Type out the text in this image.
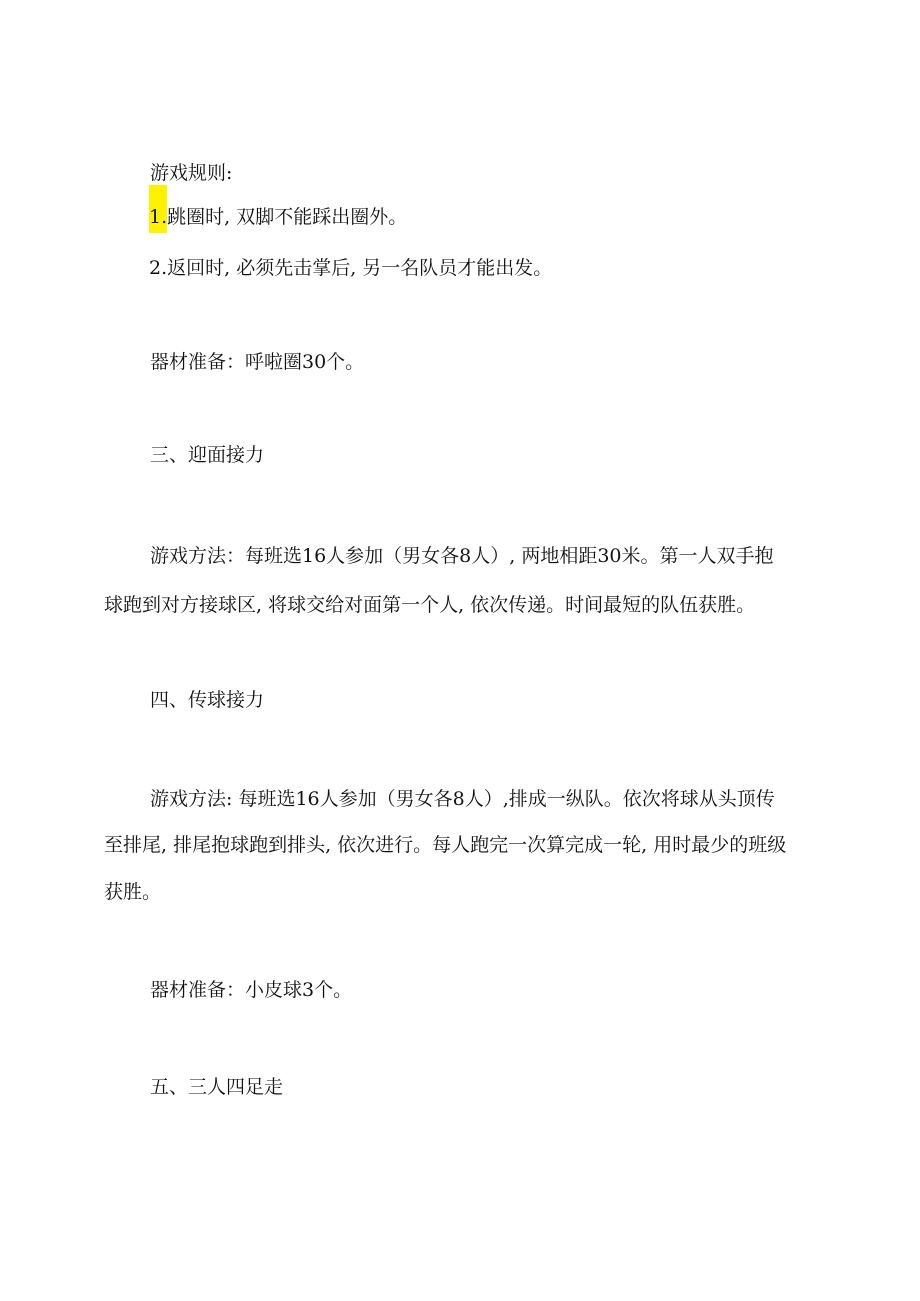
游戏规则:
1.跳圈时, 双脚不能踩出圈外。
2.返回时, 必须先击掌后, 另一名队员才能出发。
器材准备：呼啦圈30个。
三、迎面接力
游戏方法：每班选16人参加（男女各8人）, 两地相距30米。第一人双手抱
球跑到对方接球区, 将球交给对面第一个人, 依次传递。时间最短的队伍获胜。
四、传球接力
游戏方法: 每班选16人参加（男女各8人）,排成一纵队。依次将球从头顶传
至排尾, 排尾抱球跑到排头, 依次进行。每人跑完一次算完成一轮, 用时最少的班级
获胜。
器材准备：小皮球3个。
五、三人四足走
